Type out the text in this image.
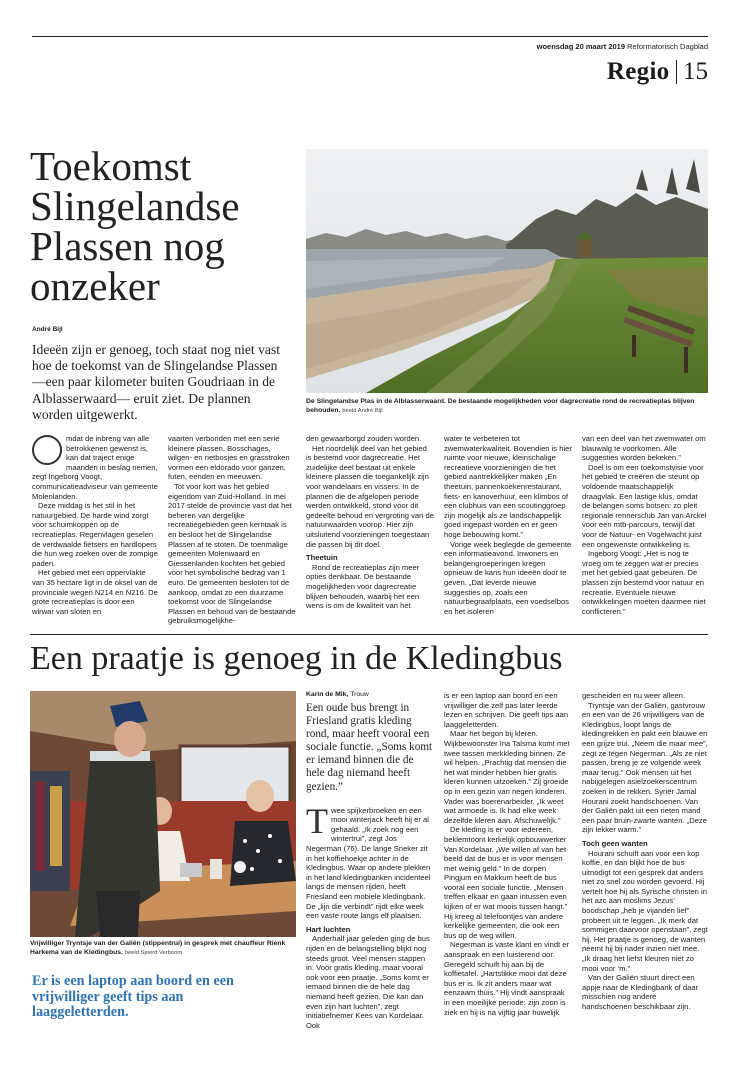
woensdag 20 maart 2019 Reformatorisch Dagblad
Regio 15
Toekomst
Slingelandse
Plassen nog
onzeker
André Bijl
Ideeën zijn er genoeg, toch staat nog niet vast hoe de toekomst van de Slingelandse Plassen —een paar kilometer buiten Goudriaan in de Alblasserwaard— eruit ziet. De plannen worden uitgewerkt.
De Slingelandse Plas in de Alblasserwaard. De bestaande mogelijkheden voor dagrecreatie rond de recreatieplas blijven behouden. beeld André Bijl

mdat de inbreng van alle betrokkenen gewenst is, kan dat traject enige maanden in beslag nemen, zegt Ingeborg Voogt, communicatieadviseur van gemeente Molenlanden.

Deze middag is het stil in het natuurgebied. De harde wind zorgt voor schuimkoppen op de recreatieplas. Regenvlagen geselen de verdwaalde fietsers en hardlopers die hun weg zoeken over de zompige paden.

Het gebied met een oppervlakte van 35 hectare ligt in de oksel van de provinciale wegen N214 en N216. De grote recreatieplas is door een wirwar van sloten en

vaarten verbonden met een serie kleinere plassen. Bosschages, wilgen- en rietbosjes en grasstroken vormen een eldorado voor ganzen, futen, eenden en meeuwen.

Tot voor kort was het gebied eigendom van Zuid-Holland. In mei 2017 stelde de provincie vast dat het beheren van dergelijke recreatiegebieden geen kerntaak is en besloot het de Slingelandse Plassen af te stoten. De toenmalige gemeenten Molenwaard en Giessenlanden kochten het gebied voor het symbolische bedrag van 1 euro. De gemeenten besloten tot de aankoop, omdat zo een duurzame toekomst voor de Slingelandse Plassen en behoud van de bestaande gebruiksmogelijkhe-

den gewaarborgd zouden worden.

Het noordelijk deel van het gebied is bestemd voor dagrecreatie. Het zuidelijke deel bestaat uit enkele kleinere plassen die toegankelijk zijn voor wandelaars en vissers. In de plannen die de afgelopen periode werden ontwikkeld, stond voor dit gedeelte behoud en vergroting van de natuurwaarden voorop. Hier zijn uitsluitend voorzieningen toegestaan die passen bij dit doel.

Theetuin

Rond de recreatieplas zijn meer opties denkbaar. De bestaande mogelijkheden voor dagrecreatie blijven behouden, waarbij het een wens is om de kwaliteit van het

water te verbeteren tot zwemwaterkwaliteit. Bovendien is hier ruimte voor nieuwe, kleinschalige recreatieve voorzieningen die het gebied aantrekkelijker maken „En theetuin, pannenkoekenrestaurant, fiets- en kanoverhuur, een klimbos of een clubhuis van een scoutinggroep zijn mogelijk als ze landschappelijk goed ingepast worden en er geen hoge bebouwing komt.”

Vorige week beglegde de gemeente een informatieavond. Inwoners en belangengroeperingen kregen opnieuw de kans hun ideeën door te geven. „Dat leverde nieuwe suggesties op, zoals een natuurbegraafplaats, een voedselbos en het isoleren

van een deel van het zwemwater om blauwalg te voorkomen. Alle suggesties worden bekeken.”

Doel is om een toekomstvisie voor het gebied te creëren die steunt op voldoende maatschappelijk draagvlak. Een lastige klus, omdat de belangen soms botsen: zo pleit regionale rennersclub Jan van Arckel voor een mtb-parcours, terwijl dat voor de Natuur- en Vogelwacht juist een ongewenste ontwikkeling is.

Ingeborg Voogt: „Het is nog te vroeg om te zeggen wat er precies met het gebied gaat gebeuren. De plassen zijn bestemd voor natuur en recreatie. Eventuele nieuwe ontwikkelingen moeten daarmee niet conflicteren.”

Een praatje is genoeg in de Kledingbus
Vrijwilliger Tryntsje van der Galiën (stippentrui) in gesprek met chauffeur Rienk Harkema van de Kledingbus. beeld Sjoerd Verboom
Er is een laptop aan boord en een vrijwilliger geeft tips aan laaggeletterden.
Karin de Mik, Trouw
Een oude bus brengt in Friesland gratis kleding rond, maar heeft vooral een sociale functie. „Soms komt er iemand binnen die de hele dag niemand heeft gezien.”
T wee spijkerbroeken en een mooi winterjack heeft hij er al gehaald. „Ik zoek nog een wintertrui”, zegt Jos Negerman (76). De lange Sneker zit in het koffiehoekje achter in de Kledingbus. Waar op andere plekken in het land kledingbanken incidenteel langs de mensen rijden, heeft Friesland een mobiele kledingbank. De „lijn die verbindt” rijdt elke week een vaste route langs elf plaatsen.

Hart luchten

Anderhalf jaar geleden ging de bus rijden en de belangstelling blijkt nog steeds groot. Veel mensen stappen in. Voor gratis kleding, maar vooral ook voor een praatje. „Soms komt er iemand binnen die de hele dag niemand heeft gezien. Die kan dan even zijn hart luchten”, zegt initiatiefnemer Kees van Kordelaar. Ook

is er een laptop aan boord en een vrijwilliger die zelf pas later leerde lezen en schrijven. Die geeft tips aan laaggeletterden.

Maar het begon bij kleren. Wijkbewoonster Ina Talsma komt met twee tassen merkkleding binnen. Ze wil helpen. „Prachtig dat mensen die het wat minder hebben hier gratis kleren kunnen uitzoeken.” Zij groeide op in een gezin van negen kinderen. Vader was boerenarbeider. „Ik weet wat armoede is. Ik had elke week dezelfde kleren aan. Afschuwelijk.”

De kleding is er voor iedereen, beklemtoont kerkelijk opbouwwerker Van Kordelaar. „We willen af van het beeld dat de bus er is voor mensen met weinig geld.” In de dorpen Pingjum en Makkum heeft de bus vooral een sociale functie. „Mensen treffen elkaar en gaan intussen even kijken of er wat moois tussen hangt.” Hij kreeg al telefoontjes van andere kerkelijke gemeenten, die ook een bus op de weg willen.

Negerman is vaste klant en vindt er aanspraak en een luisterend oor. Geregeld schuift hij aan bij de koffietafel. „Hartstikke mooi dat deze bus er is. Ik zit anders maar wat eenzaam thuis.” Hij vindt aanspraak in een moeilijke periode: zijn zoon is ziek en hij is na vijftig jaar huwelijk

gescheiden en nu weer alleen.

Tryntsje van der Galiën, gastvrouw en een van de 26 vrijwilligers van de Kledingbus, loopt langs de kledingrekken en pakt een blauwe en een grijze trui. „Neem die maar mee”, zegt ze tegen Negerman. „Als ze niet passen, breng je ze volgende week maar terug.” Ook mensen uit het nabijgelegen asielzoekerscentrum zoeken in de rekken. Syriër Jamal Hourani zoekt handschoenen. Van der Galiën pakt uit een rieten mand een paar bruin-zwarte wanten. „Deze zijn lekker warm.”

Toch geen wanten

Hourani schuift aan voor een kop koffie, en dan blijkt hoe de bus uitnodigt tot een gesprek dat anders niet zo snel zou worden gevoerd. Hij vertelt hoe hij als Syrische christen in het azc aan moslims Jezus’ boodschap „heb je vijanden lief” probeert uit te leggen. „Ik merk dat sommigen daarvoor openstaan”, zegt hij. Het praatje is genoeg, de wanten neemt hij bij nader inzien niet mee. „Ik draag het liefst kleuren niet zo mooi voor ‘m.”

Van der Galiën stuurt direct een appje naar de Kledingbank of daar misschien nog andere handschoenen beschikbaar zijn.
